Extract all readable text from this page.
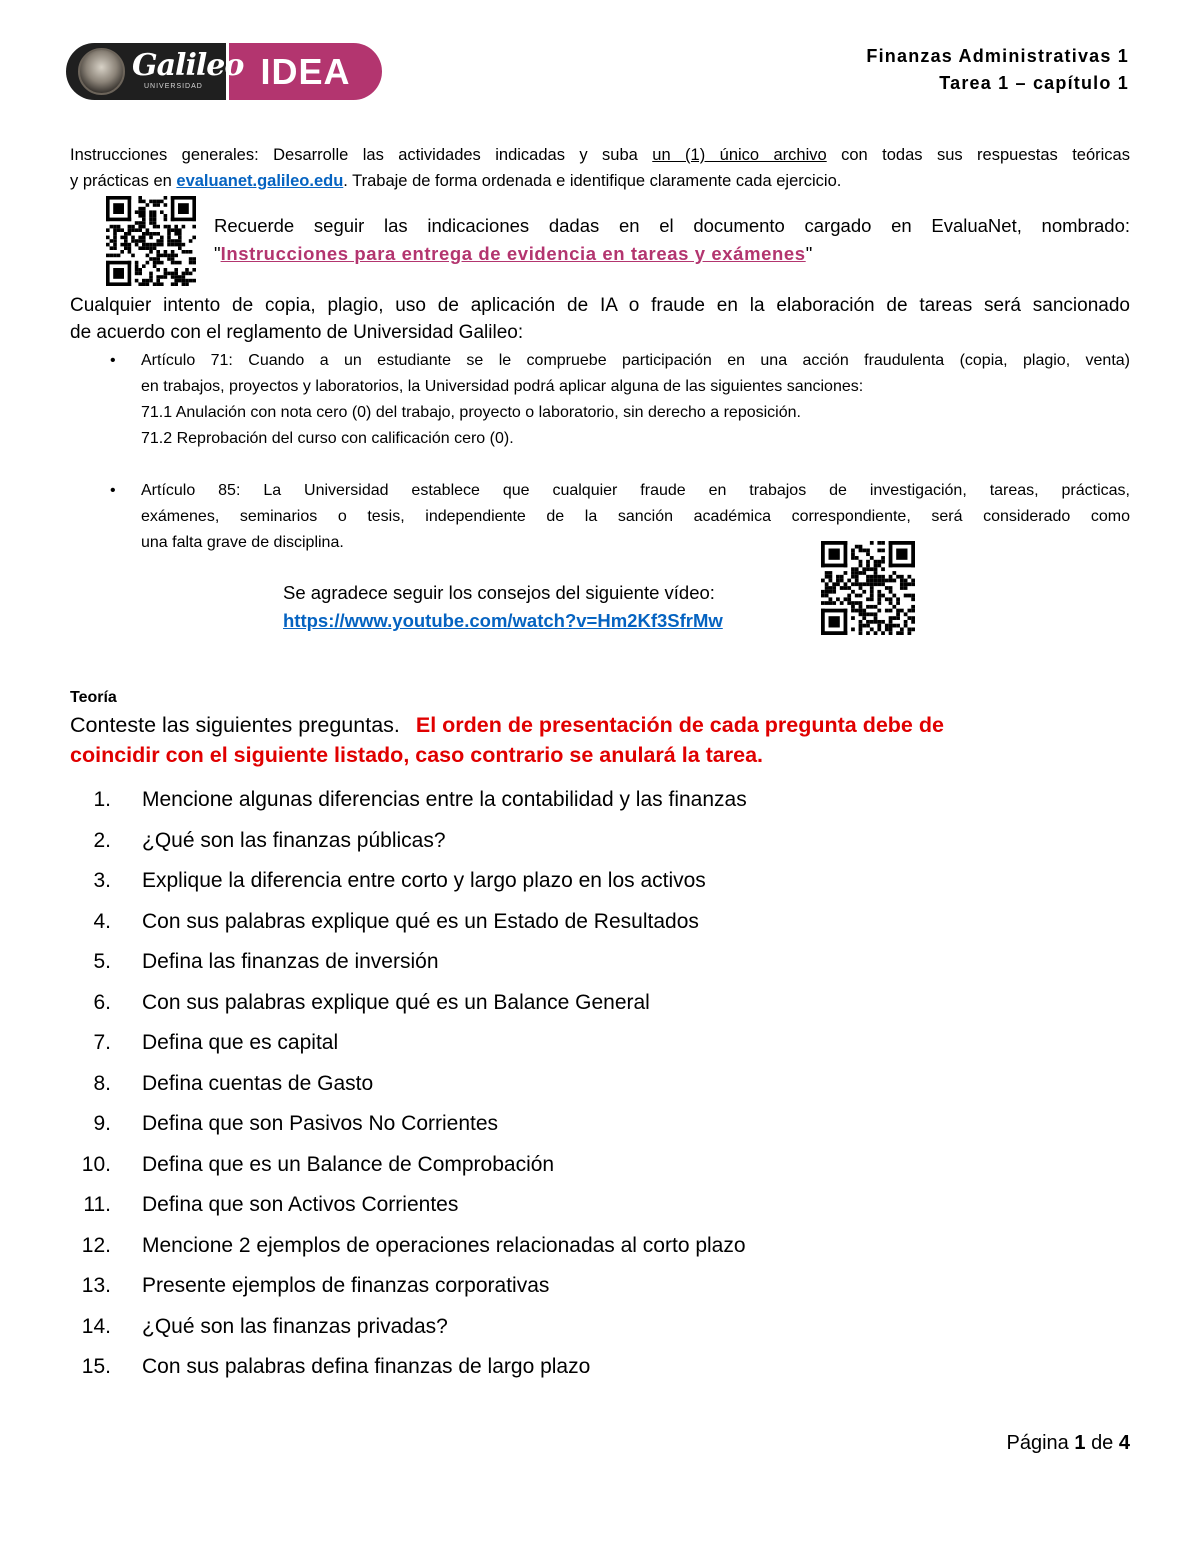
Galileo
UNIVERSIDAD	IDEA	Finanzas Administrativas 1
Tarea 1 – capítulo 1
Instrucciones generales: Desarrolle las actividades indicadas y suba un (1) único archivo con todas sus respuestas teóricas
y prácticas en evaluanet.galileo.edu. Trabaje de forma ordenada e identifique claramente cada ejercicio.
Recuerde seguir las indicaciones dadas en el documento cargado en EvaluaNet, nombrado:
"Instrucciones para entrega de evidencia en tareas y exámenes"
Cualquier intento de copia, plagio, uso de aplicación de IA o fraude en la elaboración de tareas será sancionado
de acuerdo con el reglamento de Universidad Galileo:
• Artículo 71: Cuando a un estudiante se le compruebe participación en una acción fraudulenta (copia, plagio, venta)
en trabajos, proyectos y laboratorios, la Universidad podrá aplicar alguna de las siguientes sanciones:
71.1 Anulación con nota cero (0) del trabajo, proyecto o laboratorio, sin derecho a reposición.
71.2 Reprobación del curso con calificación cero (0).
• Artículo 85: La Universidad establece que cualquier fraude en trabajos de investigación, tareas, prácticas,
exámenes, seminarios o tesis, independiente de la sanción académica correspondiente, será considerado como
una falta grave de disciplina.
Se agradece seguir los consejos del siguiente vídeo:
https://www.youtube.com/watch?v=Hm2Kf3SfrMw
Teoría
Conteste las siguientes preguntas. El orden de presentación de cada pregunta debe de
coincidir con el siguiente listado, caso contrario se anulará la tarea.
1. Mencione algunas diferencias entre la contabilidad y las finanzas
2. ¿Qué son las finanzas públicas?
3. Explique la diferencia entre corto y largo plazo en los activos
4. Con sus palabras explique qué es un Estado de Resultados
5. Defina las finanzas de inversión
6. Con sus palabras explique qué es un Balance General
7. Defina que es capital
8. Defina cuentas de Gasto
9. Defina que son Pasivos No Corrientes
10. Defina que es un Balance de Comprobación
11. Defina que son Activos Corrientes
12. Mencione 2 ejemplos de operaciones relacionadas al corto plazo
13. Presente ejemplos de finanzas corporativas
14. ¿Qué son las finanzas privadas?
15. Con sus palabras defina finanzas de largo plazo
Página 1 de 4
